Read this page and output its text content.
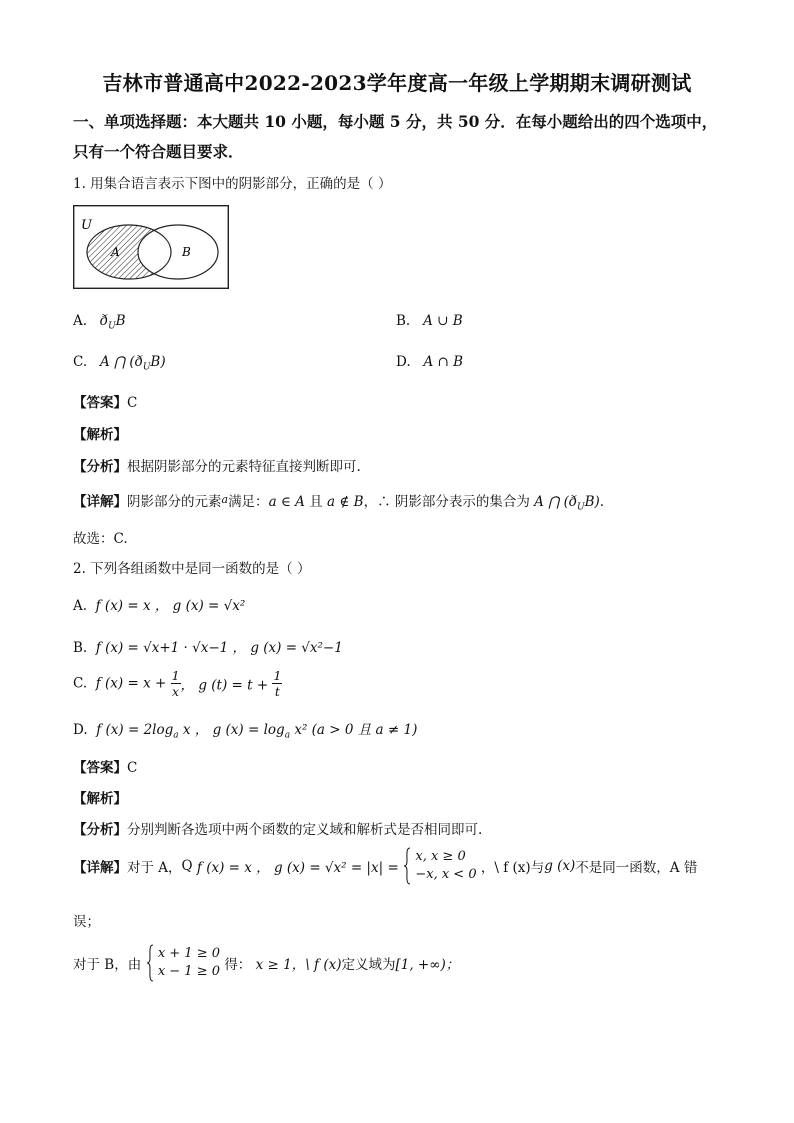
吉林市普通高中2022-2023学年度高一年级上学期期末调研测试
一、单项选择题：本大题共 10 小题，每小题 5 分，共 50 分．在每小题给出的四个选项中，
只有一个符合题目要求．
1. 用集合语言表示下图中的阴影部分，正确的是（ ）
U
A	B
A. $ð_UB$	B. A ∪ B
C. A ⋂ $(ð_UB)$	D. A ∩ B
【答案】C
【解析】
【分析】根据阴影部分的元素特征直接判断即可.
【详解】阴影部分的元素$^a$满足：a ∈ A 且 a ∉ B，∴ 阴影部分表示的集合为 A ⋂ $(ð_UB)$.
故选：C.
2. 下列各组函数中是同一函数的是（ ）
A. f (x) = x ， g (x) = √x²
B. f (x) = √x+1 · √x−1 ， g (x) = √x²−1
C. f $(x) = x + \frac{1}{x}$ ， g $(t) = t + \frac{1}{t}$
D. f $(x) = 2\log_a$ x ， g $(x) = \log_a x^2$ (a > 0 且 a ≠ 1)
【答案】C
【解析】
【分析】分别判断各选项中两个函数的定义域和解析式是否相同即可.
【详解】对于 A，Q f (x) = x ， g (x) = √x² = |x| =
x, x ≥ 0
−x, x < 0 ，\ f (x)与g (x)不是同一函数，A 错
误；
对于 B，由
x + 1 ≥ 0
x − 1 ≥ 0 得： x ≥ 1，\ f (x)定义域为[1, +∞)；
